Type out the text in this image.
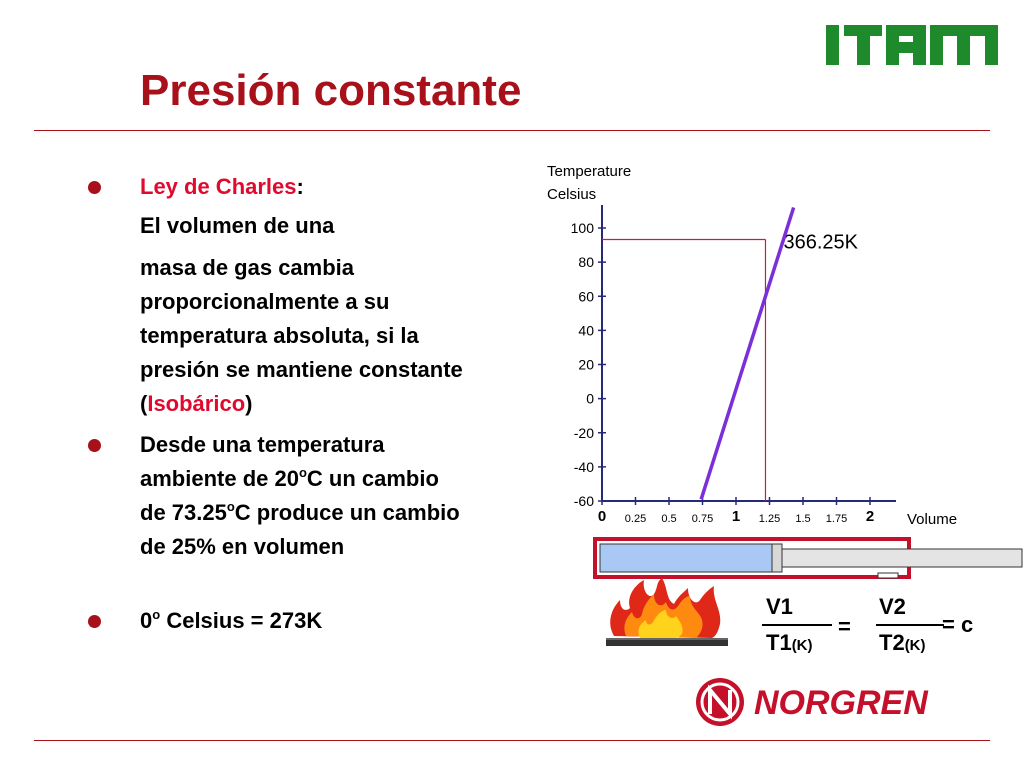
Presión constante
Ley de Charles:
El volumen de una
masa de gas cambia proporcionalmente a su temperatura absoluta, si la presión se mantiene constante (Isobárico)
Desde una temperatura ambiente de 20$^o$C un cambio de 73.25$^o$C produce un cambio de 25% en volumen
0$^o$ Celsius = 273K
Temperature
Celsius
Volume
100
80
60
40
20
0
-20
-40
-60
0 0.25 0.5 0.75 1 1.25 1.5 1.75 2
366.25K
V1
T1(K)
=
V2
T2(K)
= c
NORGREN
